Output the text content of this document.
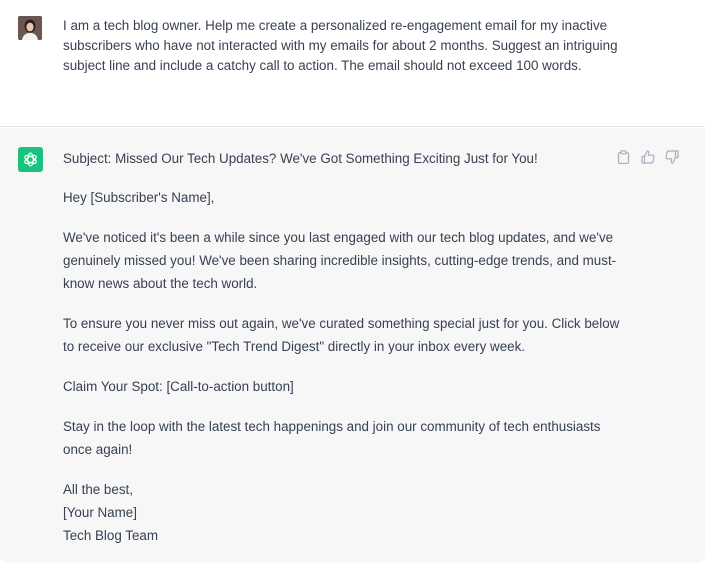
I am a tech blog owner. Help me create a personalized re-engagement email for my inactive subscribers who have not interacted with my emails for about 2 months. Suggest an intriguing subject line and include a catchy call to action. The email should not exceed 100 words.

Subject: Missed Our Tech Updates? We've Got Something Exciting Just for You!

Hey [Subscriber's Name],

We've noticed it's been a while since you last engaged with our tech blog updates, and we've genuinely missed you! We've been sharing incredible insights, cutting-edge trends, and must-know news about the tech world.

To ensure you never miss out again, we've curated something special just for you. Click below to receive our exclusive "Tech Trend Digest" directly in your inbox every week.

Claim Your Spot: [Call-to-action button]

Stay in the loop with the latest tech happenings and join our community of tech enthusiasts once again!

All the best,

[Your Name]

Tech Blog Team
